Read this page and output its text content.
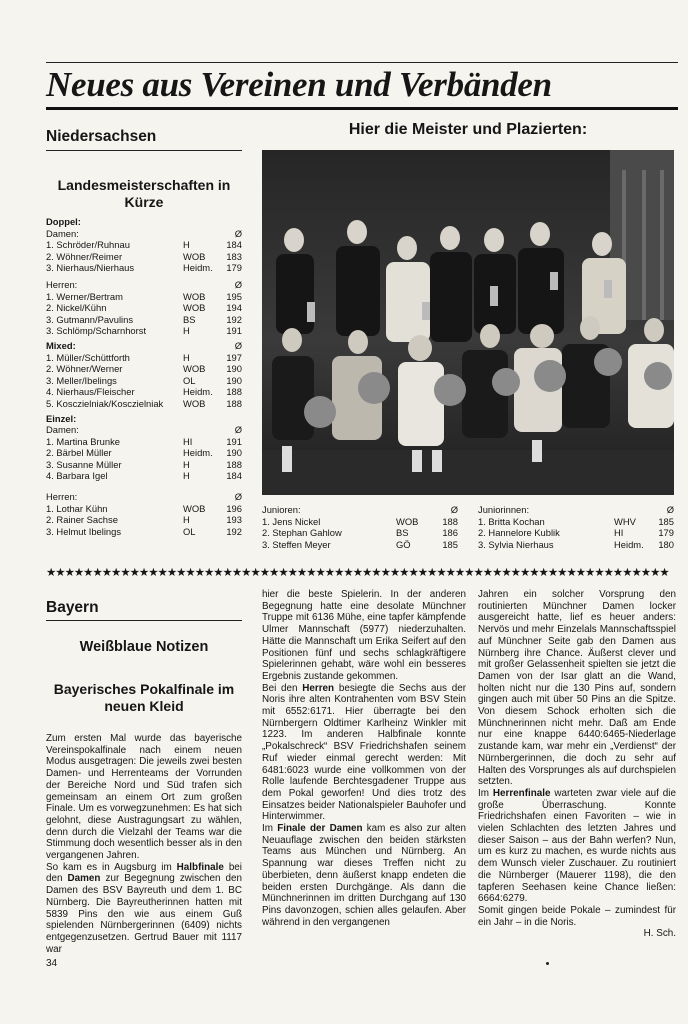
Neues aus Vereinen und Verbänden
Niedersachsen
Landesmeisterschaften in Kürze
Doppel:
Damen:	Ø
1. Schröder/Ruhnau	H	184
2. Wöhner/Reimer	WOB 183
3. Nierhaus/Nierhaus	Heidm. 179
Herren:	Ø
1. Werner/Bertram	WOB 195
2. Nickel/Kühn	WOB 194
3. Gutmann/Pavulins	BS	192
3. Schlömp/Scharnhorst	H	191
Mixed:	Ø
1. Müller/Schüttforth	H	197
2. Wöhner/Werner	WOB 190
3. Meller/Ibelings	OL	190
4. Nierhaus/Fleischer	Heidm. 188
5. Kosczielniak/Kosczielniak WOB 188
Einzel:
Damen:	Ø
1. Martina Brunke	HI	191
2. Bärbel Müller	Heidm. 190
3. Susanne Müller	H	188
4. Barbara Igel	H	184
Herren:	Ø
1. Lothar Kühn	WOB 196
2. Rainer Sachse	H	193
3. Helmut Ibelings	OL	192
Hier die Meister und Plazierten:
Junioren:	Ø
1. Jens Nickel	WOB	188
2. Stephan Gahlow	BS	186
3. Steffen Meyer	GÖ	185
Juniorinnen:	Ø
1. Britta Kochan	WHV 185
2. Hannelore Kublik	HI	179
3. Sylvia Nierhaus	Heidm. 180
★★★★★★★★★★★★★★★★★★★★★★★★★★★★★★★★★★★★★★★★★★★★★★★★★★★★★★★★★★★★★★★★★★★
Bayern
Weißblaue Notizen
Bayerisches Pokalfinale im neuen Kleid

Zum ersten Mal wurde das bayerische Vereinspokalfinale nach einem neuen Modus ausgetragen: Die jeweils zwei besten Damen- und Herrenteams der Vorrunden der Bereiche Nord und Süd trafen sich gemeinsam an einem Ort zum großen Finale. Um es vorwegzunehmen: Es hat sich gelohnt, diese Austragungsart zu wählen, denn durch die Vielzahl der Teams war die Stimmung doch wesentlich besser als in den vergangenen Jahren.

So kam es in Augsburg im Halbfinale bei den Damen zur Begegnung zwischen den Damen des BSV Bayreuth und dem 1. BC Nürnberg. Die Bayreutherinnen hatten mit 5839 Pins den wie aus einem Guß spielenden Nürnbergerinnen (6409) nichts entgegenzusetzen. Gertrud Bauer mit 1117 war

hier die beste Spielerin. In der anderen Begegnung hatte eine desolate Münchner Truppe mit 6136 Mühe, eine tapfer kämpfende Ulmer Mannschaft (5977) niederzuhalten. Hätte die Mannschaft um Erika Seifert auf den Positionen fünf und sechs schlagkräftigere Spielerinnen gehabt, wäre wohl ein besseres Ergebnis zustande gekommen.

Bei den Herren besiegte die Sechs aus der Noris ihre alten Kontrahenten vom BSV Stein mit 6552:6171. Hier überragte bei den Nürnbergern Oldtimer Karlheinz Winkler mit 1223. Im anderen Halbfinale konnte „Pokalschreck“ BSV Friedrichshafen seinem Ruf wieder einmal gerecht werden: Mit 6481:6023 wurde eine vollkommen von der Rolle laufende Berchtesgadener Truppe aus dem Pokal geworfen! Und dies trotz des Einsatzes beider Nationalspieler Bauhofer und Hinterwimmer.

Im Finale der Damen kam es also zur alten Neuauflage zwischen den beiden stärksten Teams aus München und Nürnberg. An Spannung war dieses Treffen nicht zu überbieten, denn äußerst knapp endeten die beiden ersten Durchgänge. Als dann die Münchnerinnen im dritten Durchgang auf 130 Pins davonzogen, schien alles gelaufen. Aber während in den vergangenen

Jahren ein solcher Vorsprung den routinierten Münchner Damen locker ausgereicht hatte, lief es heuer anders: Nervös und mehr Einzelals Mannschaftsspiel auf Münchner Seite gab den Damen aus Nürnberg ihre Chance. Äußerst clever und mit großer Gelassenheit spielten sie jetzt die Damen von der Isar glatt an die Wand, holten nicht nur die 130 Pins auf, sondern gingen auch mit über 50 Pins an die Spitze. Von diesem Schock erholten sich die Münchnerinnen nicht mehr. Daß am Ende nur eine knappe 6440:6465-Niederlage zustande kam, war mehr ein „Verdienst“ der Nürnbergerinnen, die doch zu sehr auf Halten des Vorsprunges als auf durchspielen setzten.

Im Herrenfinale warteten zwar viele auf die große Überraschung. Konnte Friedrichshafen einen Favoriten – wie in vielen Schlachten des letzten Jahres und dieser Saison – aus der Bahn werfen? Nun, um es kurz zu machen, es wurde nichts aus dem Wunsch vieler Zuschauer. Zu routiniert die Nürnberger (Mauerer 1198), die den tapferen Seehasen keine Chance ließen: 6664:6279.

Somit gingen beide Pokale – zumindest für ein Jahr – in die Noris.

H. Sch.
34
